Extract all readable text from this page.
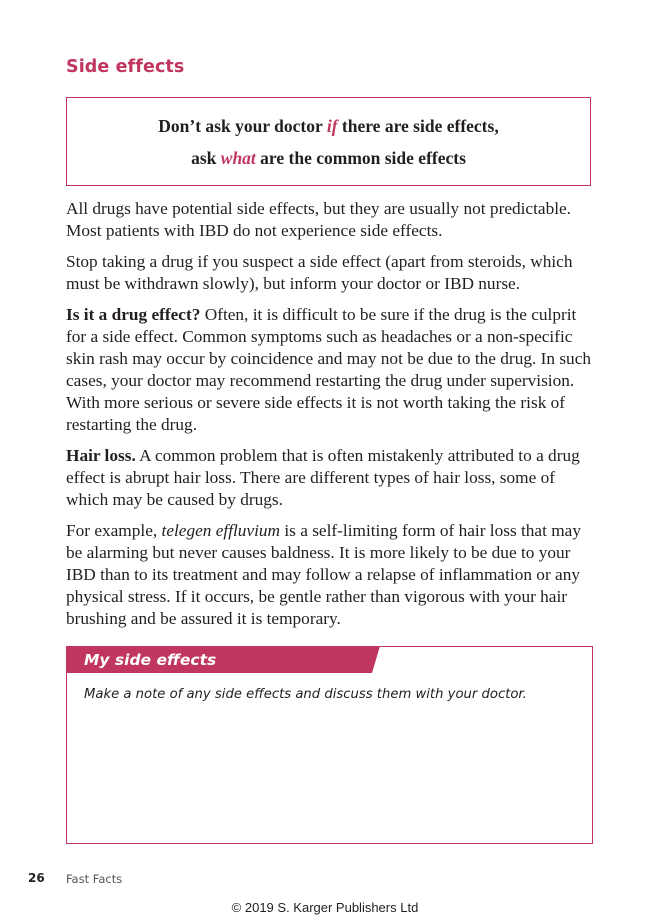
Side effects
Don’t ask your doctor if there are side effects,
ask what are the common side effects

All drugs have potential side effects, but they are usually not predictable. Most patients with IBD do not experience side effects.

Stop taking a drug if you suspect a side effect (apart from steroids, which must be withdrawn slowly), but inform your doctor or IBD nurse.

Is it a drug effect? Often, it is difficult to be sure if the drug is the culprit for a side effect. Common symptoms such as headaches or a non-specific skin rash may occur by coincidence and may not be due to the drug. In such cases, your doctor may recommend restarting the drug under supervision. With more serious or severe side effects it is not worth taking the risk of restarting the drug.

Hair loss. A common problem that is often mistakenly attributed to a drug effect is abrupt hair loss. There are different types of hair loss, some of which may be caused by drugs.

For example, telegen effluvium is a self-limiting form of hair loss that may be alarming but never causes baldness. It is more likely to be due to your IBD than to its treatment and may follow a relapse of inflammation or any physical stress. If it occurs, be gentle rather than vigorous with your hair brushing and be assured it is temporary.

My side effects
Make a note of any side effects and discuss them with your doctor.
26 Fast Facts
© 2019 S. Karger Publishers Ltd
